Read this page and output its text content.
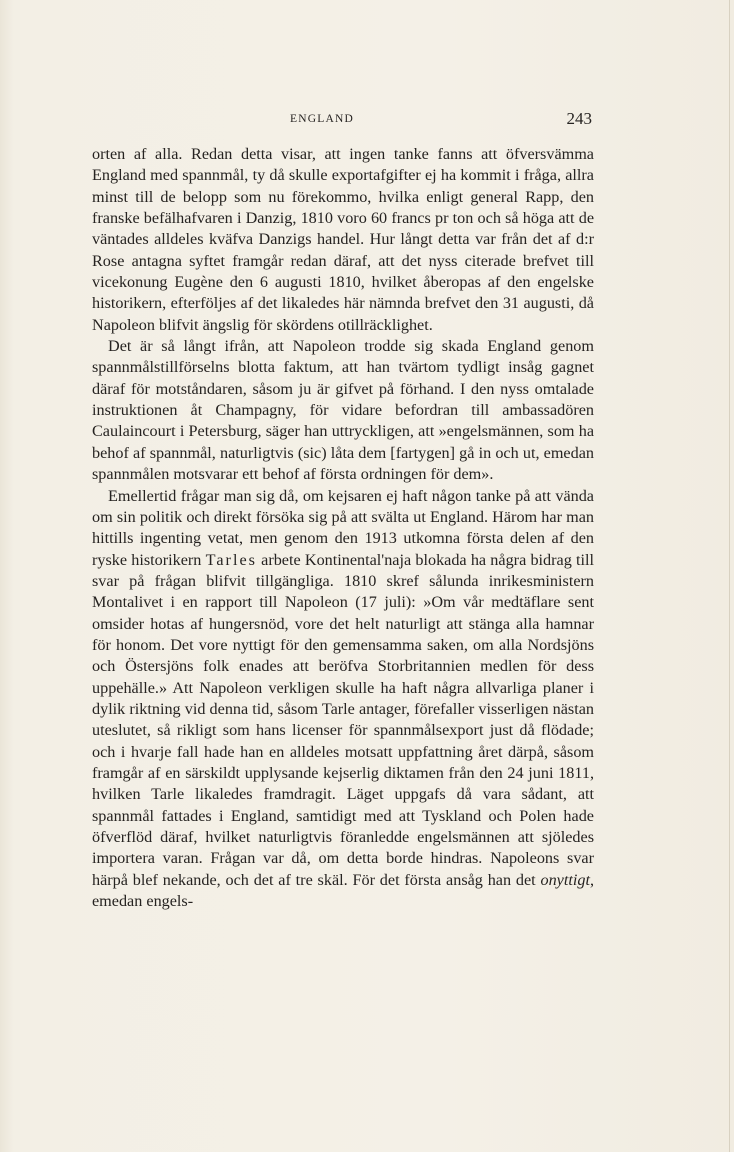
ENGLAND	243

orten af alla. Redan detta visar, att ingen tanke fanns att öfversvämma England med spannmål, ty då skulle exportafgifter ej ha kommit i fråga, allra minst till de belopp som nu förekommo, hvilka enligt general Rapp, den franske befälhafvaren i Danzig, 1810 voro 60 francs pr ton och så höga att de väntades alldeles kväfva Danzigs handel. Hur långt detta var från det af d:r Rose antagna syftet framgår redan däraf, att det nyss citerade brefvet till vicekonung Eugène den 6 augusti 1810, hvilket åberopas af den engelske historikern, efterföljes af det likaledes här nämnda brefvet den 31 augusti, då Napoleon blifvit ängslig för skördens otillräcklighet.

Det är så långt ifrån, att Napoleon trodde sig skada England genom spannmålstillförselns blotta faktum, att han tvärtom tydligt insåg gagnet däraf för motståndaren, såsom ju är gifvet på förhand. I den nyss omtalade instruktionen åt Champagny, för vidare befordran till ambassadören Caulaincourt i Petersburg, säger han uttryckligen, att »engelsmännen, som ha behof af spannmål, naturligtvis (sic) låta dem [fartygen] gå in och ut, emedan spannmålen motsvarar ett behof af första ordningen för dem».

Emellertid frågar man sig då, om kejsaren ej haft någon tanke på att vända om sin politik och direkt försöka sig på att svälta ut England. Härom har man hittills ingenting vetat, men genom den 1913 utkomna första delen af den ryske historikern Tarles arbete Kontinental'naja blokada ha några bidrag till svar på frågan blifvit tillgängliga. 1810 skref sålunda inrikesministern Montalivet i en rapport till Napoleon (17 juli): »Om vår medtäflare sent omsider hotas af hungersnöd, vore det helt naturligt att stänga alla hamnar för honom. Det vore nyttigt för den gemensamma saken, om alla Nordsjöns och Östersjöns folk enades att beröfva Storbritannien medlen för dess uppehälle.» Att Napoleon verkligen skulle ha haft några allvarliga planer i dylik riktning vid denna tid, såsom Tarle antager, förefaller visserligen nästan uteslutet, så rikligt som hans licenser för spannmålsexport just då flödade; och i hvarje fall hade han en alldeles motsatt uppfattning året därpå, såsom framgår af en särskildt upplysande kejserlig diktamen från den 24 juni 1811, hvilken Tarle likaledes framdragit. Läget uppgafs då vara sådant, att spannmål fattades i England, samtidigt med att Tyskland och Polen hade öfverflöd däraf, hvilket naturligtvis föranledde engelsmännen att sjöledes importera varan. Frågan var då, om detta borde hindras. Napoleons svar härpå blef nekande, och det af tre skäl. För det första ansåg han det onyttigt, emedan engels-
